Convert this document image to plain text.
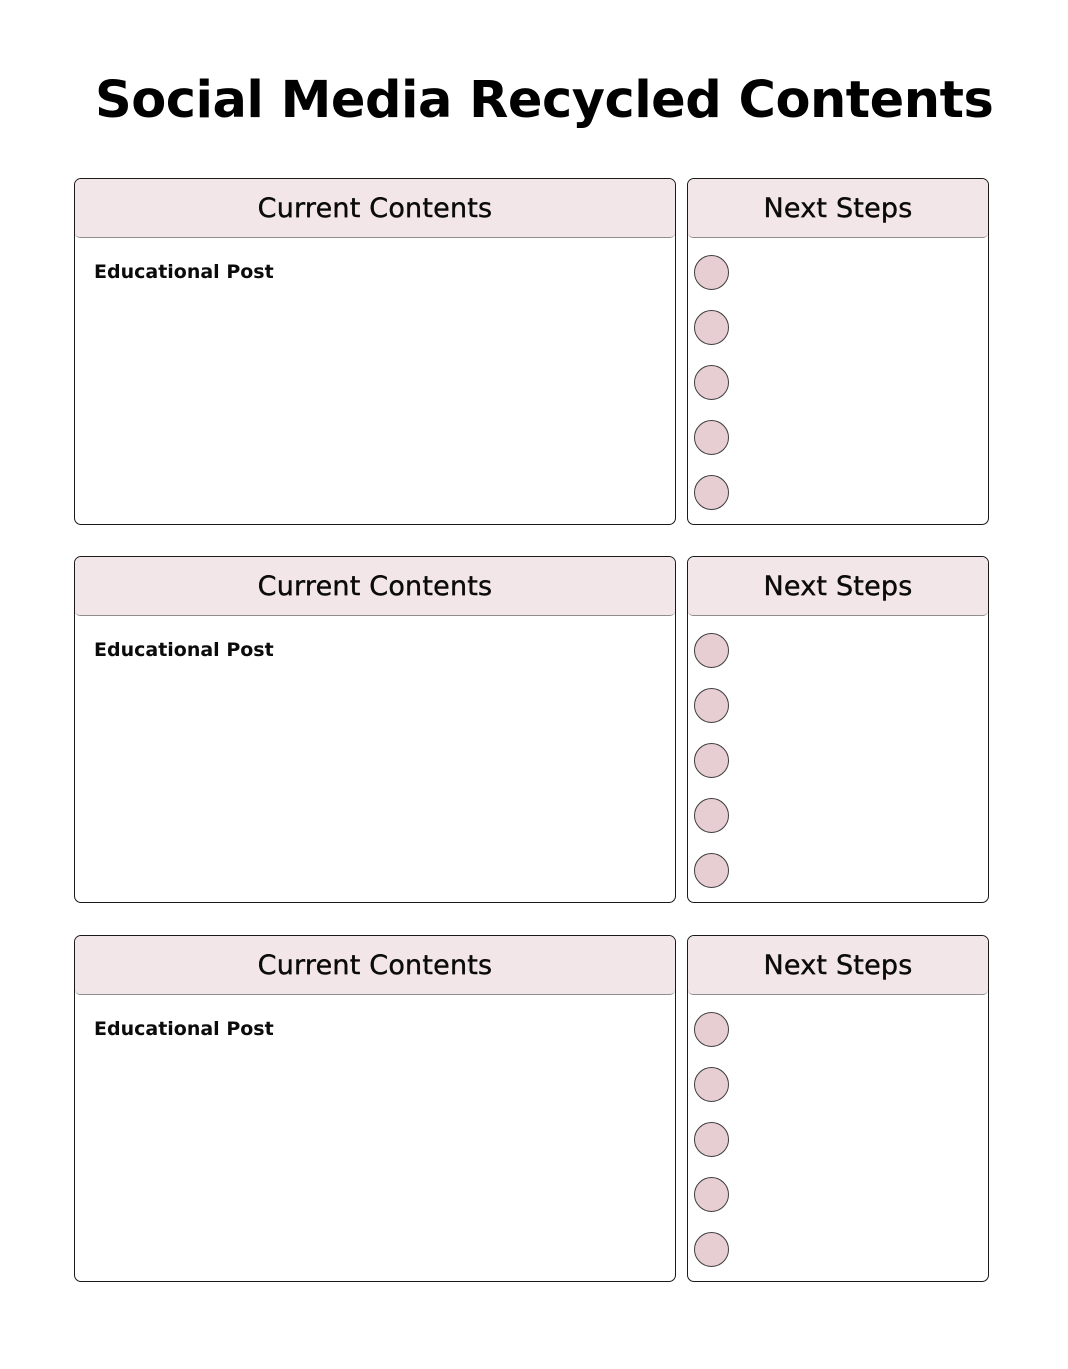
Social Media Recycled Contents
Current Contents
Educational Post
Next Steps
Current Contents
Educational Post
Next Steps
Current Contents
Educational Post
Next Steps
